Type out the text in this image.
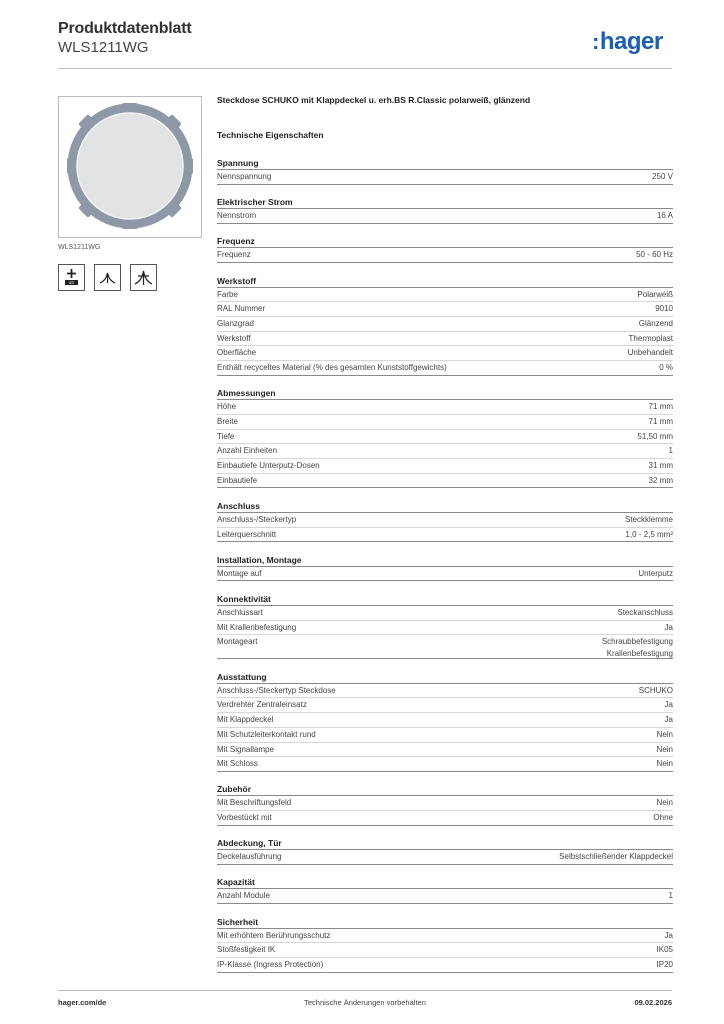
Produktdatenblatt
WLS1211WG	:hager
WLS1211WG
Ι∅Ι
Steckdose SCHUKO mit Klappdeckel u. erh.BS R.Classic polarweiß, glänzend
Technische Eigenschaften
Spannung
Nennspannung	250 V
Elektrischer Strom
Nennstrom	16 A
Frequenz
Frequenz	50 - 60 Hz
Werkstoff
Farbe	Polarweiß
RAL Nummer	9010
Glanzgrad	Glänzend
Werkstoff	Thermoplast
Oberfläche	Unbehandelt
Enthält recyceltes Material (% des gesamten Kunststoffgewichts)	0 %
Abmessungen
Höhe	71 mm
Breite	71 mm
Tiefe	51,50 mm
Anzahl Einheiten	1
Einbautiefe Unterputz-Dosen	31 mm
Einbautiefe	32 mm
Anschluss
Anschluss-/Steckertyp	Steckklemme
Leiterquerschnitt	1,0 - 2,5 mm²
Installation, Montage
Montage auf	Unterputz
Konnektivität
Anschlussart	Steckanschluss
Mit Krallenbefestigung	Ja
Montageart	Schraubbefestigung
Krallenbefestigung
Ausstattung
Anschluss-/Steckertyp Steckdose	SCHUKO
Verdrehter Zentraleinsatz	Ja
Mit Klappdeckel	Ja
Mit Schutzleiterkontakt rund	Nein
Mit Signallampe	Nein
Mit Schloss	Nein
Zubehör
Mit Beschriftungsfeld	Nein
Vorbestückt mit	Ohne
Abdeckung, Tür
Deckelausführung	Selbstschließender Klappdeckel
Kapazität
Anzahl Module	1
Sicherheit
Mit erhöhtem Berührungsschutz	Ja
Stoßfestigkeit IK	IK05
IP-Klasse (Ingress Protection)	IP20
hager.com/de	Technische Änderungen vorbehalten	09.02.2026
